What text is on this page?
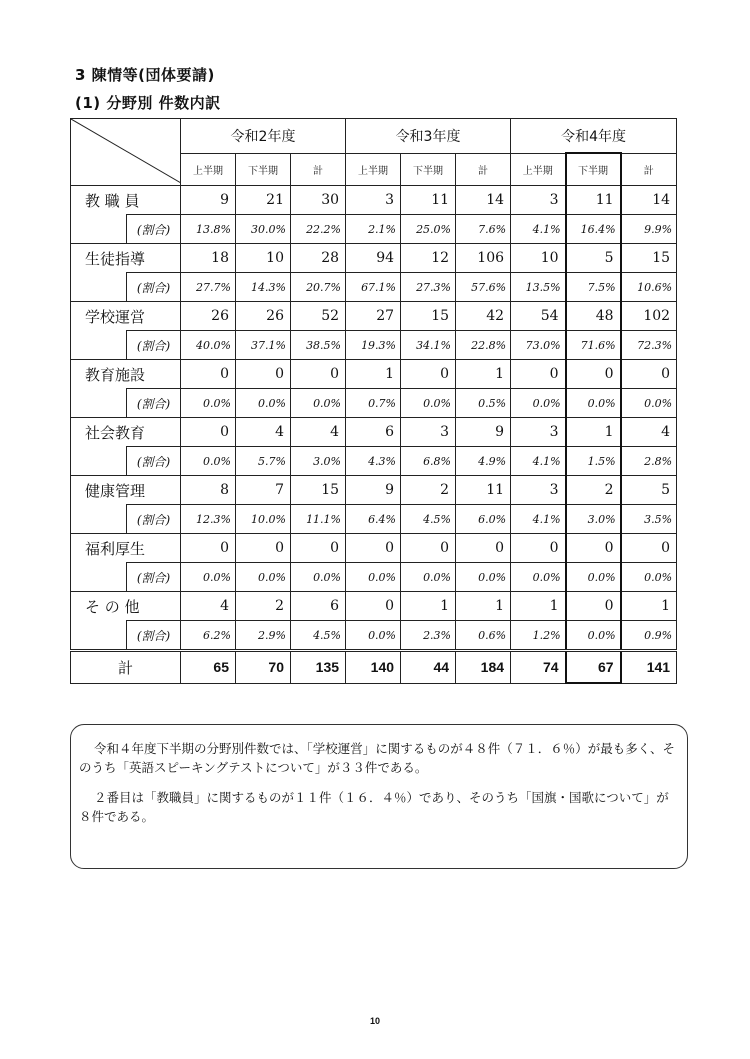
3 陳情等(団体要請)
(1) 分野別 件数内訳
	令和2年度			令和3年度			令和4年度		
		上半期	下半期	計	上半期	下半期	計	上半期	下半期	計
教 職 員		9	21	30	3	11	14	3	11	14
	(割合)	13.8%	30.0%	22.2%	2.1%	25.0%	7.6%	4.1%	16.4%	9.9%
生徒指導		18	10	28	94	12	106	10	5	15
	(割合)	27.7%	14.3%	20.7%	67.1%	27.3%	57.6%	13.5%	7.5%	10.6%
学校運営		26	26	52	27	15	42	54	48	102
	(割合)	40.0%	37.1%	38.5%	19.3%	34.1%	22.8%	73.0%	71.6%	72.3%
教育施設		0	0	0	1	0	1	0	0	0
	(割合)	0.0%	0.0%	0.0%	0.7%	0.0%	0.5%	0.0%	0.0%	0.0%
社会教育		0	4	4	6	3	9	3	1	4
	(割合)	0.0%	5.7%	3.0%	4.3%	6.8%	4.9%	4.1%	1.5%	2.8%
健康管理		8	7	15	9	2	11	3	2	5
	(割合)	12.3%	10.0%	11.1%	6.4%	4.5%	6.0%	4.1%	3.0%	3.5%
福利厚生		0	0	0	0	0	0	0	0	0
	(割合)	0.0%	0.0%	0.0%	0.0%	0.0%	0.0%	0.0%	0.0%	0.0%
そ の 他		4	2	6	0	1	1	1	0	1
	(割合)	6.2%	2.9%	4.5%	0.0%	2.3%	0.6%	1.2%	0.0%	0.9%
計		65	70	135	140	44	184	74	67	141

令和４年度下半期の分野別件数では、「学校運営」に関するものが４８件（７１．６％）が最も多く、そのうち「英語スピーキングテストについて」が３３件である。

２番目は「教職員」に関するものが１１件（１６．４％）であり、そのうち「国旗・国歌について」が８件である。

10
